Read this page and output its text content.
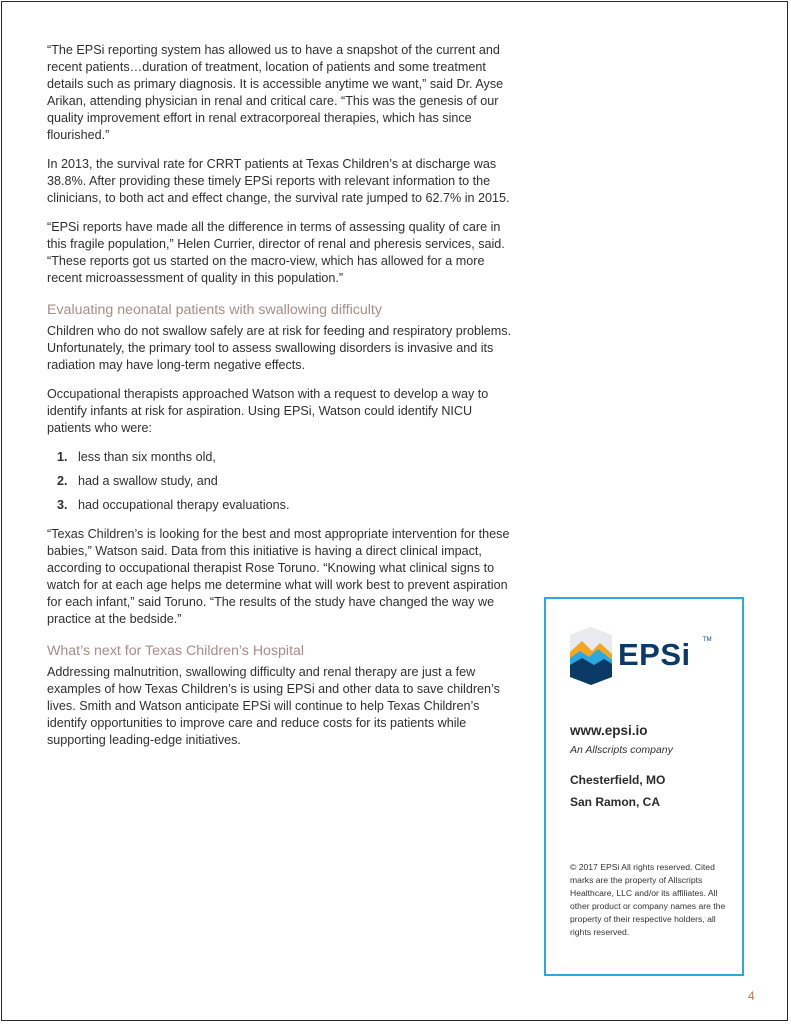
“The EPSi reporting system has allowed us to have a snapshot of the current and recent patients…duration of treatment, location of patients and some treatment details such as primary diagnosis. It is accessible anytime we want,” said Dr. Ayse Arikan, attending physician in renal and critical care. “This was the genesis of our quality improvement effort in renal extracorporeal therapies, which has since flourished.”

In 2013, the survival rate for CRRT patients at Texas Children’s at discharge was 38.8%. After providing these timely EPSi reports with relevant information to the clinicians, to both act and effect change, the survival rate jumped to 62.7% in 2015.

“EPSi reports have made all the difference in terms of assessing quality of care in this fragile population,” Helen Currier, director of renal and pheresis services, said. “These reports got us started on the macro-view, which has allowed for a more recent microassessment of quality in this population.”

Evaluating neonatal patients with swallowing difficulty

Children who do not swallow safely are at risk for feeding and respiratory problems. Unfortunately, the primary tool to assess swallowing disorders is invasive and its radiation may have long-term negative effects.

Occupational therapists approached Watson with a request to develop a way to identify infants at risk for aspiration. Using EPSi, Watson could identify NICU patients who were:

1. less than six months old,
2. had a swallow study, and
3. had occupational therapy evaluations.

“Texas Children’s is looking for the best and most appropriate intervention for these babies,” Watson said. Data from this initiative is having a direct clinical impact, according to occupational therapist Rose Toruno. “Knowing what clinical signs to watch for at each age helps me determine what will work best to prevent aspiration for each infant,” said Toruno. “The results of the study have changed the way we practice at the bedside.”

What’s next for Texas Children’s Hospital

Addressing malnutrition, swallowing difficulty and renal therapy are just a few examples of how Texas Children’s is using EPSi and other data to save children’s lives. Smith and Watson anticipate EPSi will continue to help Texas Children’s identify opportunities to improve care and reduce costs for its patients while supporting leading-edge initiatives.

EPSi TM
www.epsi.io
An Allscripts company
Chesterfield, MO
San Ramon, CA
© 2017 EPSi All rights reserved. Cited marks are the property of Allscripts Healthcare, LLC and/or its affiliates. All other product or company names are the property of their respective holders, all rights reserved.
4
